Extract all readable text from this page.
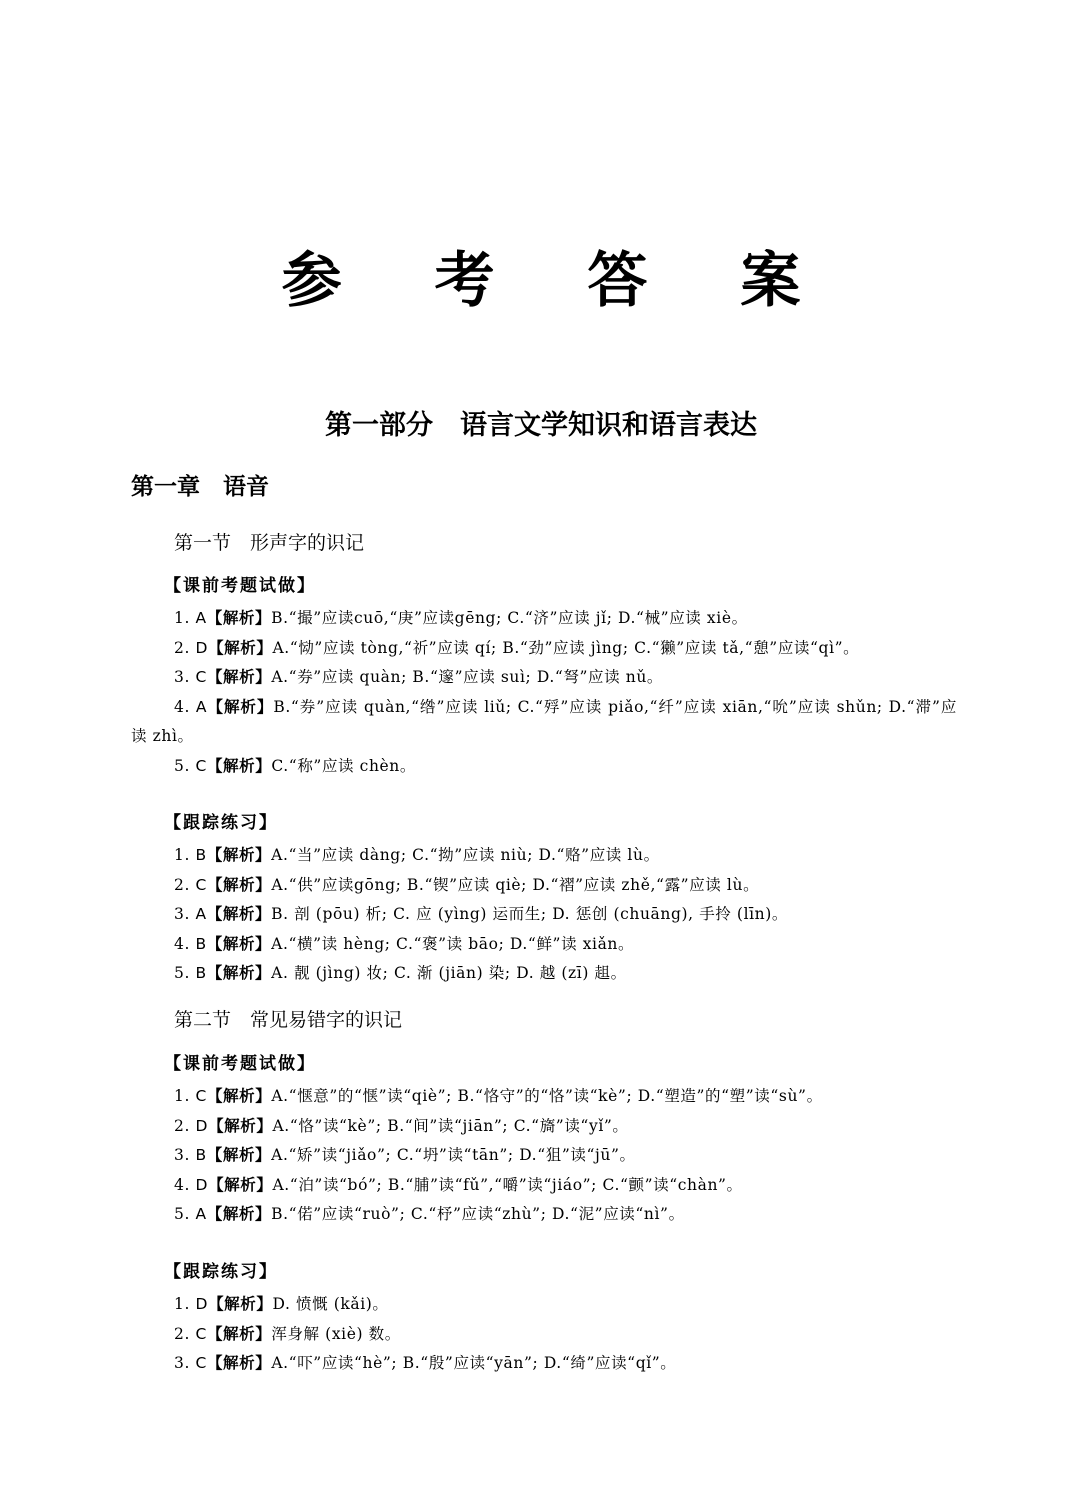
参 考 答 案
第一部分　语言文学知识和语言表达
第一章　语音
第一节　形声字的识记
【课前考题试做】
1. A【解析】B.“撮”应读cuō,“庚”应读gēng; C.“济”应读 jǐ; D.“械”应读 xiè。
2. D【解析】A.“恸”应读 tòng,“祈”应读 qí; B.“劲”应读 jìng; C.“獭”应读 tǎ,“憩”应读“qì”。
3. C【解析】A.“券”应读 quàn; B.“邃”应读 suì; D.“弩”应读 nǔ。
4. A【解析】B.“券”应读 quàn,“绺”应读 liǔ; C.“殍”应读 piǎo,“纤”应读 xiān,“吮”应读 shǔn; D.“滞”应读 zhì。
5. C【解析】C.“称”应读 chèn。
【跟踪练习】
1. B【解析】A.“当”应读 dàng; C.“拗”应读 niù; D.“赂”应读 lù。
2. C【解析】A.“供”应读gōng; B.“锲”应读 qiè; D.“褶”应读 zhě,“露”应读 lù。
3. A【解析】B. 剖 (pōu) 析; C. 应 (yìng) 运而生; D. 惩创 (chuāng), 手拎 (līn)。
4. B【解析】A.“横”读 hèng; C.“褒”读 bāo; D.“鲜”读 xiǎn。
5. B【解析】A. 靓 (jìng) 妆; C. 渐 (jiān) 染; D. 越 (zī) 趄。
第二节　常见易错字的识记
【课前考题试做】
1. C【解析】A.“惬意”的“惬”读“qiè”; B.“恪守”的“恪”读“kè”; D.“塑造”的“塑”读“sù”。
2. D【解析】A.“恪”读“kè”; B.“间”读“jiān”; C.“旖”读“yǐ”。
3. B【解析】A.“矫”读“jiǎo”; C.“坍”读“tān”; D.“狙”读“jū”。
4. D【解析】A.“泊”读“bó”; B.“脯”读“fǔ”,“嚼”读“jiáo”; C.“颤”读“chàn”。
5. A【解析】B.“偌”应读“ruò”; C.“杼”应读“zhù”; D.“泥”应读“nì”。
【跟踪练习】
1. D【解析】D. 愤慨 (kǎi)。
2. C【解析】浑身解 (xiè) 数。
3. C【解析】A.“吓”应读“hè”; B.“殷”应读“yān”; D.“绮”应读“qǐ”。
